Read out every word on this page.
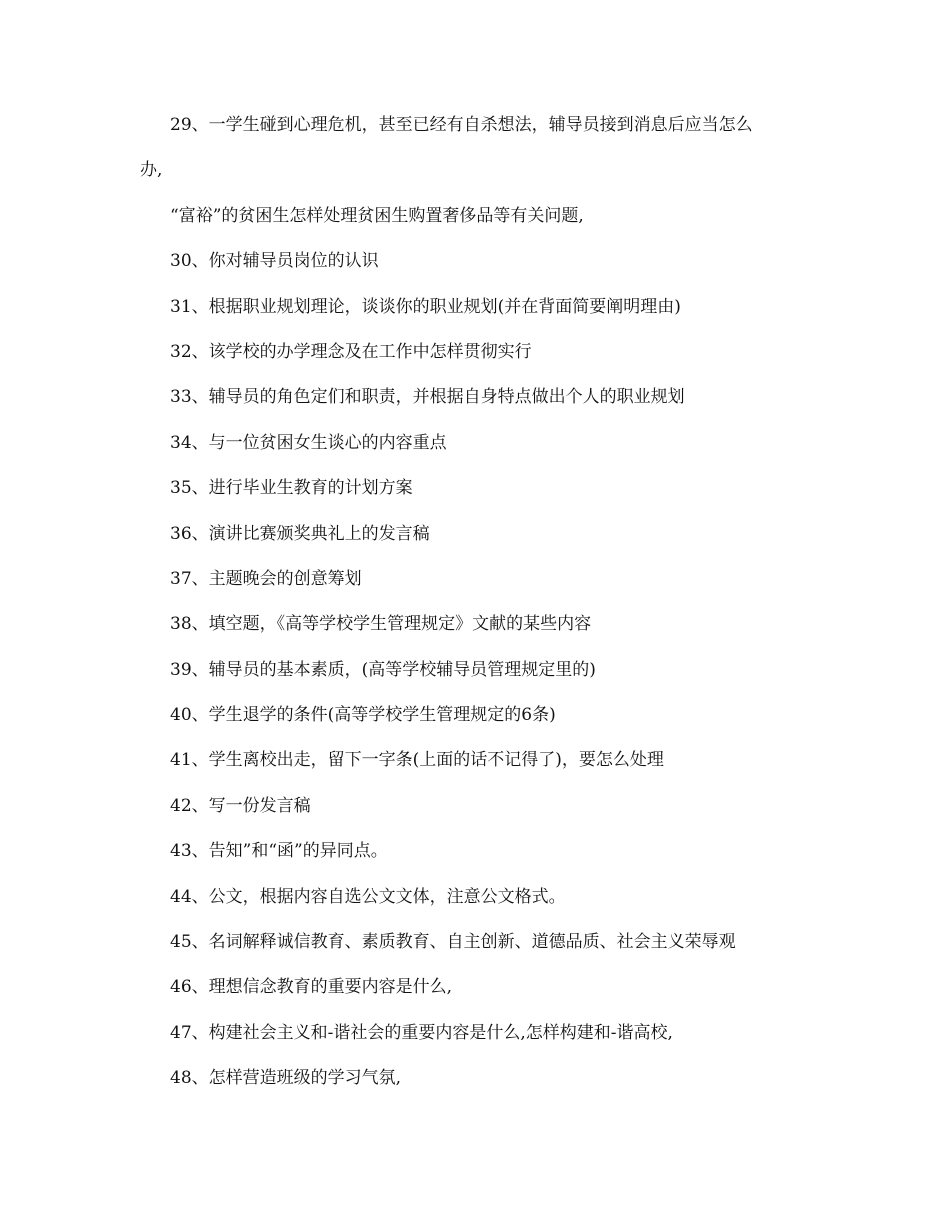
29、一学生碰到心理危机，甚至已经有自杀想法，辅导员接到消息后应当怎么
办,
“富裕”的贫困生怎样处理贫困生购置奢侈品等有关问题,
30、你对辅导员岗位的认识
31、根据职业规划理论，谈谈你的职业规划(并在背面简要阐明理由)
32、该学校的办学理念及在工作中怎样贯彻实行
33、辅导员的角色定们和职责，并根据自身特点做出个人的职业规划
34、与一位贫困女生谈心的内容重点
35、进行毕业生教育的计划方案
36、演讲比赛颁奖典礼上的发言稿
37、主题晚会的创意筹划
38、填空题，《高等学校学生管理规定》文献的某些内容
39、辅导员的基本素质，(高等学校辅导员管理规定里的)
40、学生退学的条件(高等学校学生管理规定的6条)
41、学生离校出走，留下一字条(上面的话不记得了)，要怎么处理
42、写一份发言稿
43、告知”和“函”的异同点。
44、公文，根据内容自选公文文体，注意公文格式。
45、名词解释诚信教育、素质教育、自主创新、道德品质、社会主义荣辱观
46、理想信念教育的重要内容是什么,
47、构建社会主义和-谐社会的重要内容是什么,怎样构建和-谐高校,
48、怎样营造班级的学习气氛,
